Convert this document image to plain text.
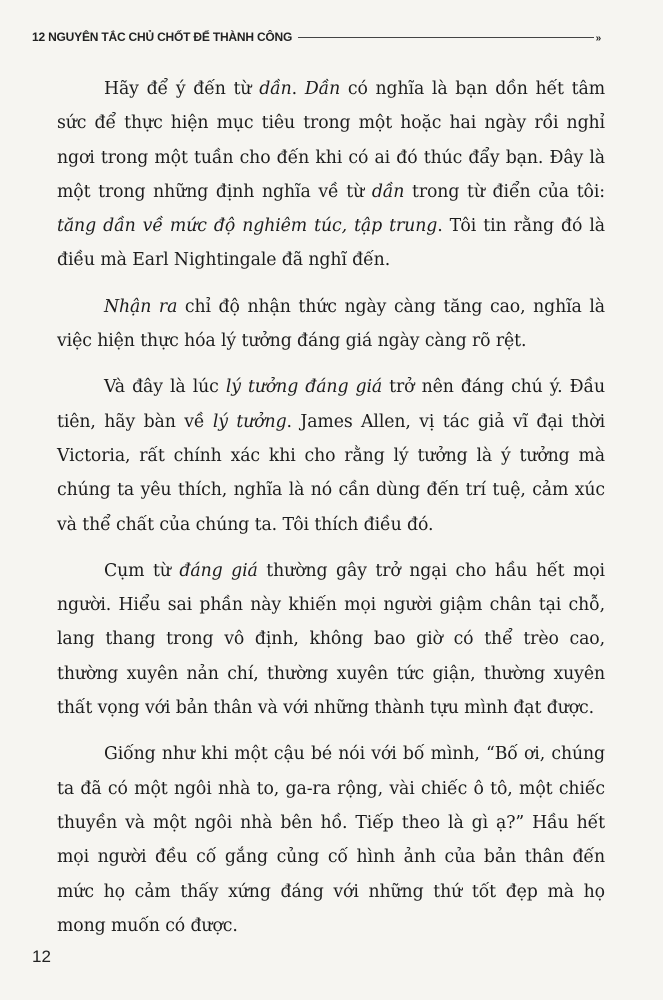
12 NGUYÊN TẮC CHỦ CHỐT ĐỂ THÀNH CÔNG	»

Hãy để ý đến từ dần. Dần có nghĩa là bạn dồn hết tâm sức để thực hiện mục tiêu trong một hoặc hai ngày rồi nghỉ ngơi trong một tuần cho đến khi có ai đó thúc đẩy bạn. Đây là một trong những định nghĩa về từ dần trong từ điển của tôi: tăng dần về mức độ nghiêm túc, tập trung. Tôi tin rằng đó là điều mà Earl Nightingale đã nghĩ đến.

Nhận ra chỉ độ nhận thức ngày càng tăng cao, nghĩa là việc hiện thực hóa lý tưởng đáng giá ngày càng rõ rệt.

Và đây là lúc lý tưởng đáng giá trở nên đáng chú ý. Đầu tiên, hãy bàn về lý tưởng. James Allen, vị tác giả vĩ đại thời Victoria, rất chính xác khi cho rằng lý tưởng là ý tưởng mà chúng ta yêu thích, nghĩa là nó cần dùng đến trí tuệ, cảm xúc và thể chất của chúng ta. Tôi thích điều đó.

Cụm từ đáng giá thường gây trở ngại cho hầu hết mọi người. Hiểu sai phần này khiến mọi người giậm chân tại chỗ, lang thang trong vô định, không bao giờ có thể trèo cao, thường xuyên nản chí, thường xuyên tức giận, thường xuyên thất vọng với bản thân và với những thành tựu mình đạt được.

Giống như khi một cậu bé nói với bố mình, “Bố ơi, chúng ta đã có một ngôi nhà to, ga-ra rộng, vài chiếc ô tô, một chiếc thuyền và một ngôi nhà bên hồ. Tiếp theo là gì ạ?” Hầu hết mọi người đều cố gắng củng cố hình ảnh của bản thân đến mức họ cảm thấy xứng đáng với những thứ tốt đẹp mà họ mong muốn có được.

12
